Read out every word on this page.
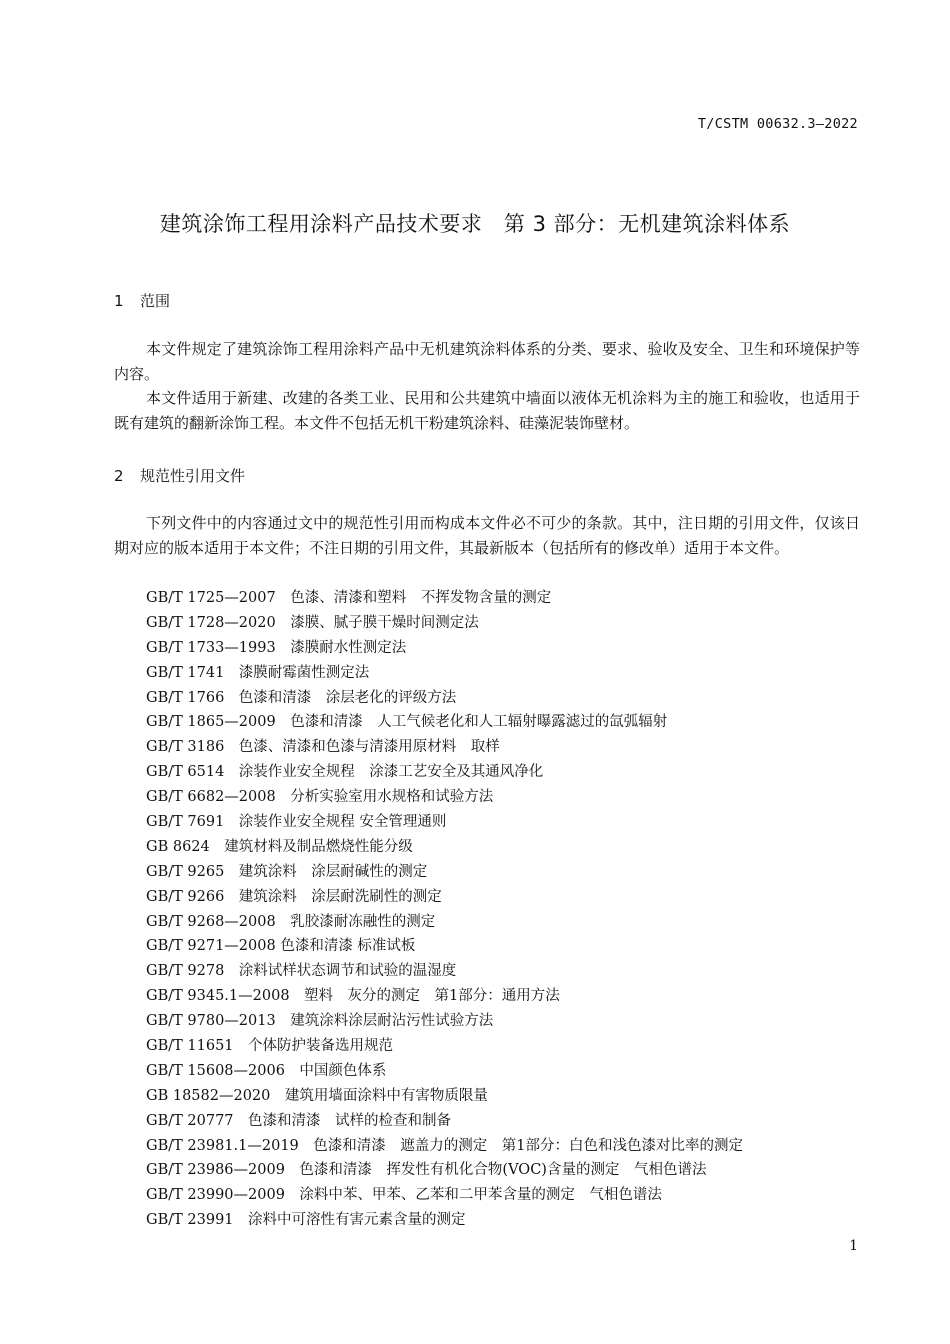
T/CSTM 00632.3—2022
建筑涂饰工程用涂料产品技术要求　第 3 部分：无机建筑涂料体系
1 范围
本文件规定了建筑涂饰工程用涂料产品中无机建筑涂料体系的分类、要求、验收及安全、卫生和环境保护等内容。
本文件适用于新建、改建的各类工业、民用和公共建筑中墙面以液体无机涂料为主的施工和验收，也适用于既有建筑的翻新涂饰工程。本文件不包括无机干粉建筑涂料、硅藻泥装饰壁材。
2 规范性引用文件
下列文件中的内容通过文中的规范性引用而构成本文件必不可少的条款。其中，注日期的引用文件，仅该日期对应的版本适用于本文件；不注日期的引用文件，其最新版本（包括所有的修改单）适用于本文件。
GB/T 1725—2007　色漆、清漆和塑料　不挥发物含量的测定
GB/T 1728—2020　漆膜、腻子膜干燥时间测定法
GB/T 1733—1993　漆膜耐水性测定法
GB/T 1741　漆膜耐霉菌性测定法
GB/T 1766　色漆和清漆　涂层老化的评级方法
GB/T 1865—2009　色漆和清漆　人工气候老化和人工辐射曝露滤过的氙弧辐射
GB/T 3186　色漆、清漆和色漆与清漆用原材料　取样
GB/T 6514　涂装作业安全规程　涂漆工艺安全及其通风净化
GB/T 6682—2008　分析实验室用水规格和试验方法
GB/T 7691　涂装作业安全规程 安全管理通则
GB 8624　建筑材料及制品燃烧性能分级
GB/T 9265　建筑涂料　涂层耐碱性的测定
GB/T 9266　建筑涂料　涂层耐洗刷性的测定
GB/T 9268—2008　乳胶漆耐冻融性的测定
GB/T 9271—2008 色漆和清漆 标准试板
GB/T 9278　涂料试样状态调节和试验的温湿度
GB/T 9345.1—2008　塑料　灰分的测定　第1部分：通用方法
GB/T 9780—2013　建筑涂料涂层耐沾污性试验方法
GB/T 11651　个体防护装备选用规范
GB/T 15608—2006　中国颜色体系
GB 18582—2020　建筑用墙面涂料中有害物质限量
GB/T 20777　色漆和清漆　试样的检查和制备
GB/T 23981.1—2019　色漆和清漆　遮盖力的测定　第1部分：白色和浅色漆对比率的测定
GB/T 23986—2009　色漆和清漆　挥发性有机化合物(VOC)含量的测定　气相色谱法
GB/T 23990—2009　涂料中苯、甲苯、乙苯和二甲苯含量的测定　气相色谱法
GB/T 23991　涂料中可溶性有害元素含量的测定
1
